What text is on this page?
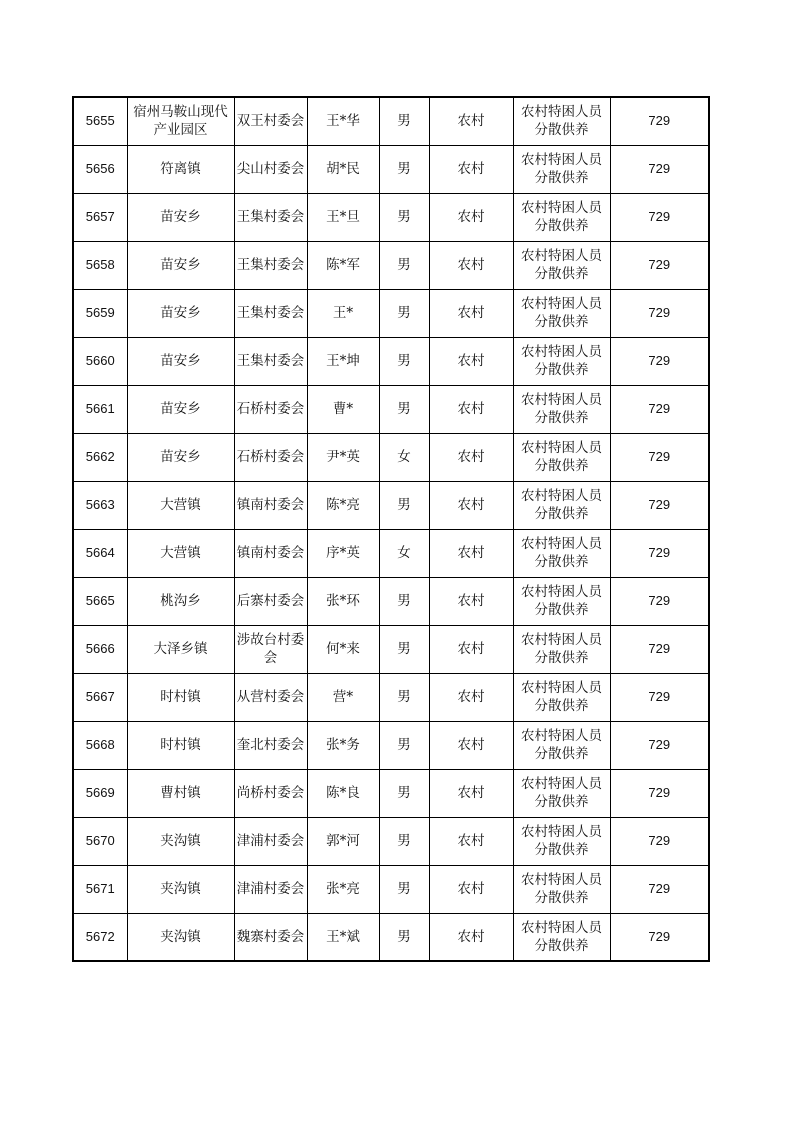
5655	宿州马鞍山现代产业园区	双王村委会	王*华	男	农村	农村特困人员分散供养	729
5656	符离镇	尖山村委会	胡*民	男	农村	农村特困人员分散供养	729
5657	苗安乡	王集村委会	王*旦	男	农村	农村特困人员分散供养	729
5658	苗安乡	王集村委会	陈*军	男	农村	农村特困人员分散供养	729
5659	苗安乡	王集村委会	王*	男	农村	农村特困人员分散供养	729
5660	苗安乡	王集村委会	王*坤	男	农村	农村特困人员分散供养	729
5661	苗安乡	石桥村委会	曹*	男	农村	农村特困人员分散供养	729
5662	苗安乡	石桥村委会	尹*英	女	农村	农村特困人员分散供养	729
5663	大营镇	镇南村委会	陈*亮	男	农村	农村特困人员分散供养	729
5664	大营镇	镇南村委会	序*英	女	农村	农村特困人员分散供养	729
5665	桃沟乡	后寨村委会	张*环	男	农村	农村特困人员分散供养	729
5666	大泽乡镇	涉故台村委会	何*来	男	农村	农村特困人员分散供养	729
5667	时村镇	从营村委会	营*	男	农村	农村特困人员分散供养	729
5668	时村镇	奎北村委会	张*务	男	农村	农村特困人员分散供养	729
5669	曹村镇	尚桥村委会	陈*良	男	农村	农村特困人员分散供养	729
5670	夹沟镇	津浦村委会	郭*河	男	农村	农村特困人员分散供养	729
5671	夹沟镇	津浦村委会	张*亮	男	农村	农村特困人员分散供养	729
5672	夹沟镇	魏寨村委会	王*斌	男	农村	农村特困人员分散供养	729
